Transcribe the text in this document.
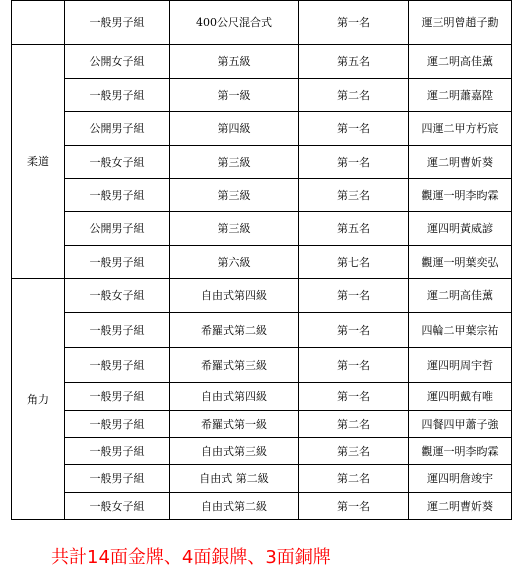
	一般男子組	400公尺混合式	第一名	運三明曾趙子勳
柔道	公開女子組	第五級	第五名	運二明高佳薰
	一般男子組	第一級	第二名	運二明蕭嘉陞
	公開男子組	第四級	第一名	四運二甲方朽宸
	一般女子組	第三級	第一名	運二明曹妡葵
	一般男子組	第三級	第三名	觀運一明李昀霖
	公開男子組	第三級	第五名	運四明黃威諺
	一般男子組	第六級	第七名	觀運一明葉奕弘
角力	一般女子組	自由式第四級	第一名	運二明高佳薰
	一般男子組	希羅式第二級	第一名	四輪二甲葉宗祐
	一般男子組	希羅式第三級	第一名	運四明周宇哲
	一般男子組	自由式第四級	第一名	運四明戴有唯
	一般男子組	希羅式第一級	第二名	四餐四甲蕭子強
	一般男子組	自由式第三級	第三名	觀運一明李昀霖
	一般男子組	自由式 第二級	第二名	運四明詹竣宇
	一般女子組	自由式第二級	第一名	運二明曹妡葵
共計14面金牌、4面銀牌、3面銅牌
